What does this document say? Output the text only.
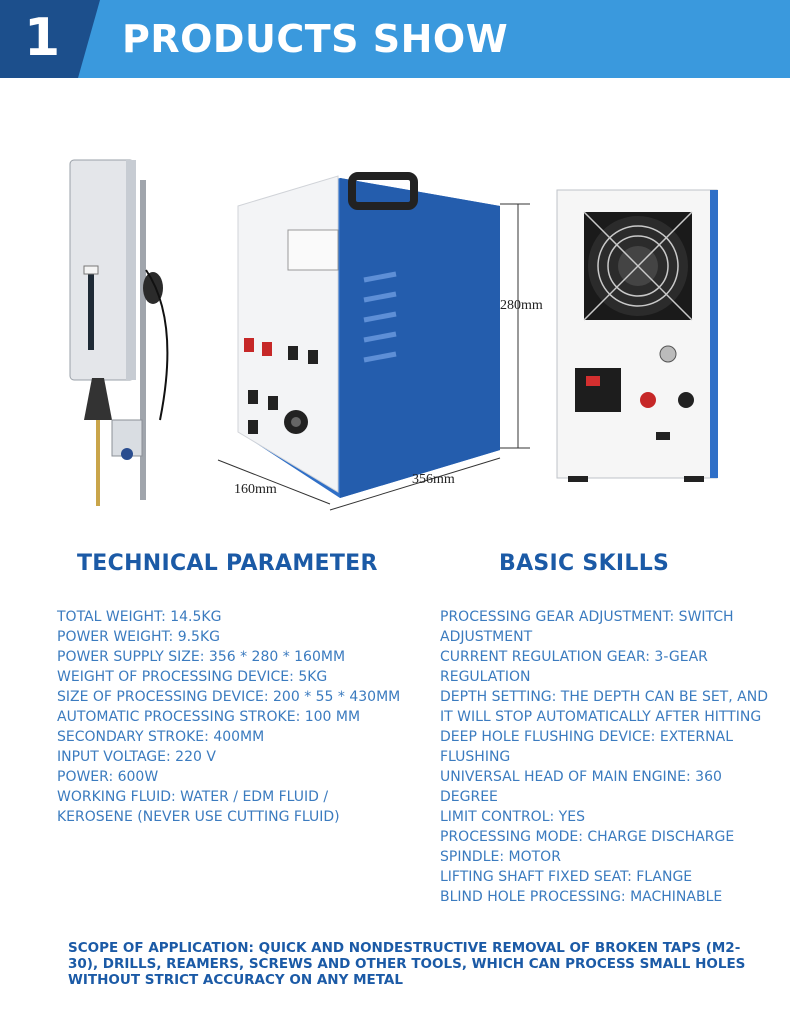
1 PRODUCTS SHOW
280mm
160mm
356mm
TECHNICAL PARAMETER
TOTAL WEIGHT: 14.5KG
POWER WEIGHT: 9.5KG
POWER SUPPLY SIZE: 356 * 280 * 160MM
WEIGHT OF PROCESSING DEVICE: 5KG
SIZE OF PROCESSING DEVICE: 200 * 55 * 430MM
AUTOMATIC PROCESSING STROKE: 100 MM
SECONDARY STROKE: 400MM
INPUT VOLTAGE: 220 V
POWER: 600W
WORKING FLUID: WATER / EDM FLUID / KEROSENE (NEVER USE CUTTING FLUID)
BASIC SKILLS
PROCESSING GEAR ADJUSTMENT: SWITCH ADJUSTMENT
CURRENT REGULATION GEAR: 3-GEAR REGULATION
DEPTH SETTING: THE DEPTH CAN BE SET, AND IT WILL STOP AUTOMATICALLY AFTER HITTING
DEEP HOLE FLUSHING DEVICE: EXTERNAL FLUSHING
UNIVERSAL HEAD OF MAIN ENGINE: 360 DEGREE
LIMIT CONTROL: YES
PROCESSING MODE: CHARGE DISCHARGE
SPINDLE: MOTOR
LIFTING SHAFT FIXED SEAT: FLANGE
BLIND HOLE PROCESSING: MACHINABLE
SCOPE OF APPLICATION: QUICK AND NONDESTRUCTIVE REMOVAL OF BROKEN TAPS (M2-30), DRILLS, REAMERS, SCREWS AND OTHER TOOLS, WHICH CAN PROCESS SMALL HOLES WITHOUT STRICT ACCURACY ON ANY METAL
